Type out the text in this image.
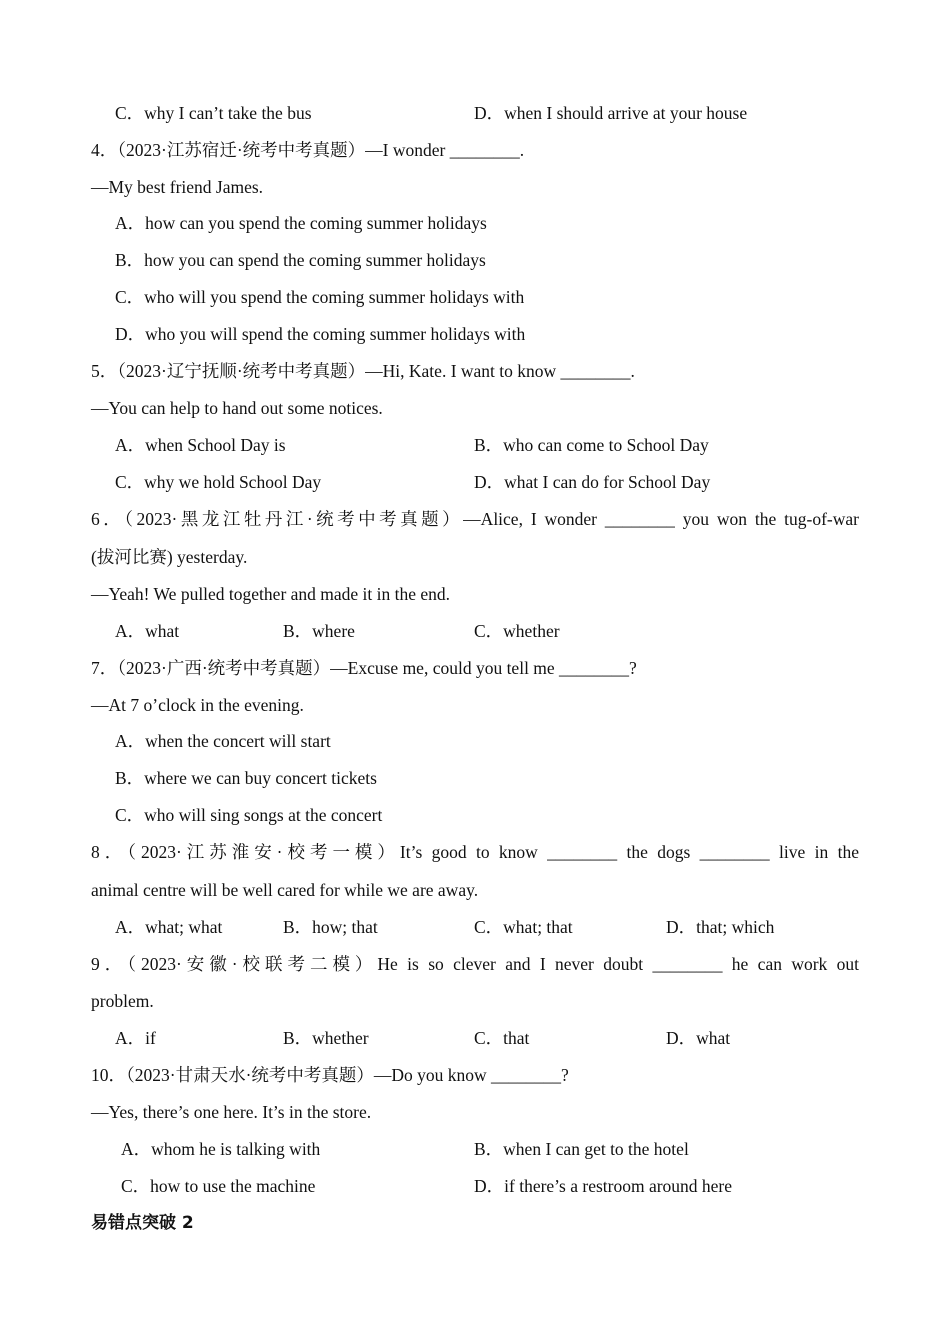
C．why I can’t take the bus	D．when I should arrive at your house
4．（2023·江苏宿迁·统考中考真题）—I wonder ________.
—My best friend James.
A．how can you spend the coming summer holidays
B．how you can spend the coming summer holidays
C．who will you spend the coming summer holidays with
D．who you will spend the coming summer holidays with
5．（2023·辽宁抚顺·统考中考真题）—Hi, Kate. I want to know ________.
—You can help to hand out some notices.
A．when School Day is	B．who can come to School Day
C．why we hold School Day	D．what I can do for School Day
6．（2023·黑龙江牡丹江·统考中考真题）—Alice, I wonder ________ you won the tug-of-war
(拔河比赛) yesterday.
—Yeah! We pulled together and made it in the end.
A．what	B．where	C．whether
7．（2023·广西·统考中考真题）—Excuse me, could you tell me ________?
—At 7 o’clock in the evening.
A．when the concert will start
B．where we can buy concert tickets
C．who will sing songs at the concert
8．（2023·江苏淮安·校考一模）It’s good to know ________ the dogs ________ live in the
animal centre will be well cared for while we are away.
A．what; what	B．how; that	C．what; that	D．that; which
9．（2023·安徽·校联考二模）He is so clever and I never doubt ________ he can work out
problem.
A．if	B．whether	C．that	D．what
10．（2023·甘肃天水·统考中考真题）—Do you know ________?
—Yes, there’s one here. It’s in the store.
A．whom he is talking with	B．when I can get to the hotel
C．how to use the machine	D．if there’s a restroom around here
易错点突破 2
